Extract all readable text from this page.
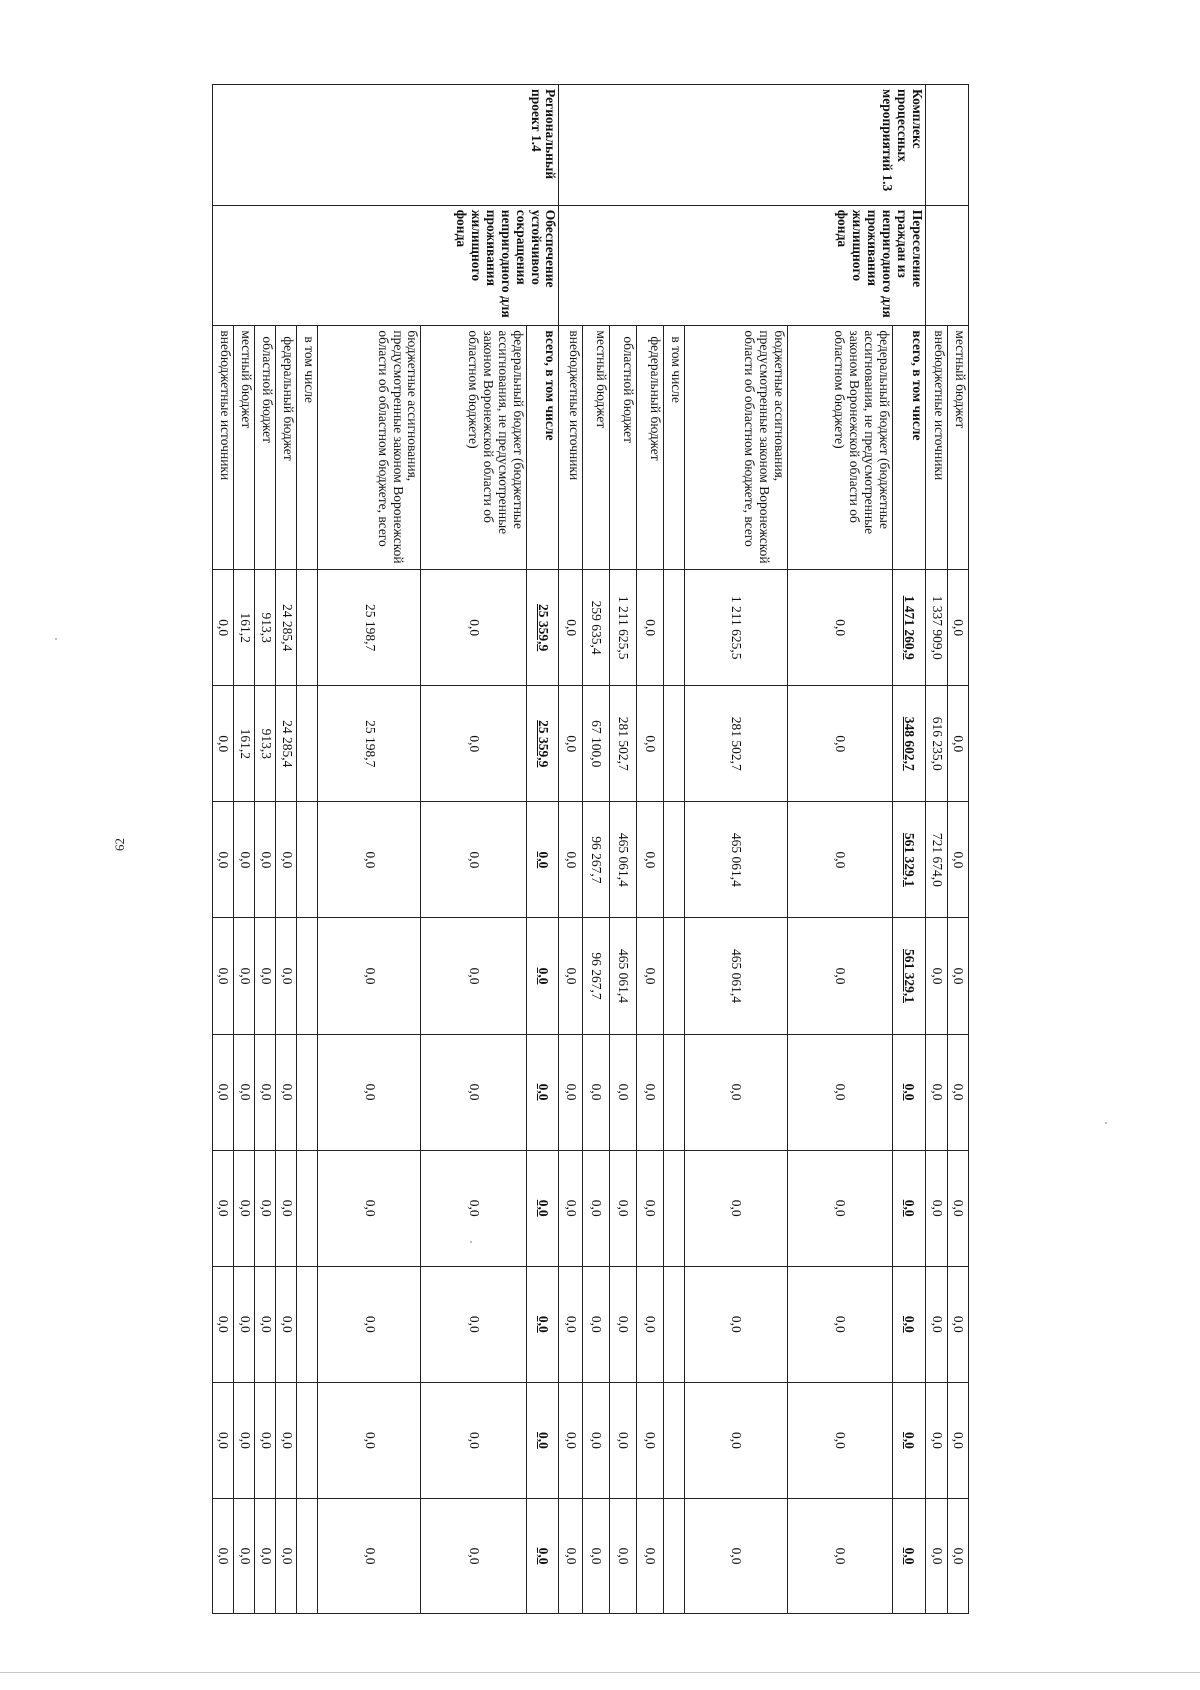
62
		местный бюджет	0,0	0,0	0,0	0,0	0,0	0,0	0,0	0,0	0,0
		внебюджетные источники	1 337 909,0	616 235,0	721 674,0	0,0	0,0	0,0	0,0	0,0	0,0
Комплекс процессных мероприятий 1.3	Переселение граждан из непригодного для проживания жилищного фонда	всего, в том числе	1 471 260,9	348 602,7	561 329,1	561 329,1	0,0	0,0	0,0	0,0	0,0
		федеральный бюджет (бюджетные ассигнования, не предусмотренные законом Воронежской области об областном бюджете)	0,0	0,0	0,0	0,0	0,0	0,0	0,0	0,0	0,0
		бюджетные ассигнования, предусмотренные законом Воронежской области об областном бюджете, всего	1 211 625,5	281 502,7	465 061,4	465 061,4	0,0	0,0	0,0	0,0	0,0
		в том числе									
		федеральный бюджет	0,0	0,0	0,0	0,0	0,0	0,0	0,0	0,0	0,0
		областной бюджет	1 211 625,5	281 502,7	465 061,4	465 061,4	0,0	0,0	0,0	0,0	0,0
		местный бюджет	259 635,4	67 100,0	96 267,7	96 267,7	0,0	0,0	0,0	0,0	0,0
		внебюджетные источники	0,0	0,0	0,0	0,0	0,0	0,0	0,0	0,0	0,0
Региональный проект 1.4	Обеспечение устойчивого сокращения непригодного для проживания жилищного фонда	всего, в том числе	25 359,9	25 359,9	0,0	0,0	0,0	0,0	0,0	0,0	0,0
		федеральный бюджет (бюджетные ассигнования, не предусмотренные законом Воронежской области об областном бюджете)	0,0	0,0	0,0	0,0	0,0	0,0	0,0	0,0	0,0
		бюджетные ассигнования, предусмотренные законом Воронежской области об областном бюджете, всего	25 198,7	25 198,7	0,0	0,0	0,0	0,0	0,0	0,0	0,0
		в том числе									
		федеральный бюджет	24 285,4	24 285,4	0,0	0,0	0,0	0,0	0,0	0,0	0,0
		областной бюджет	913,3	913,3	0,0	0,0	0,0	0,0	0,0	0,0	0,0
		местный бюджет	161,2	161,2	0,0	0,0	0,0	0,0	0,0	0,0	0,0
		внебюджетные источники	0,0	0,0	0,0	0,0	0,0	0,0	0,0	0,0	0,0
